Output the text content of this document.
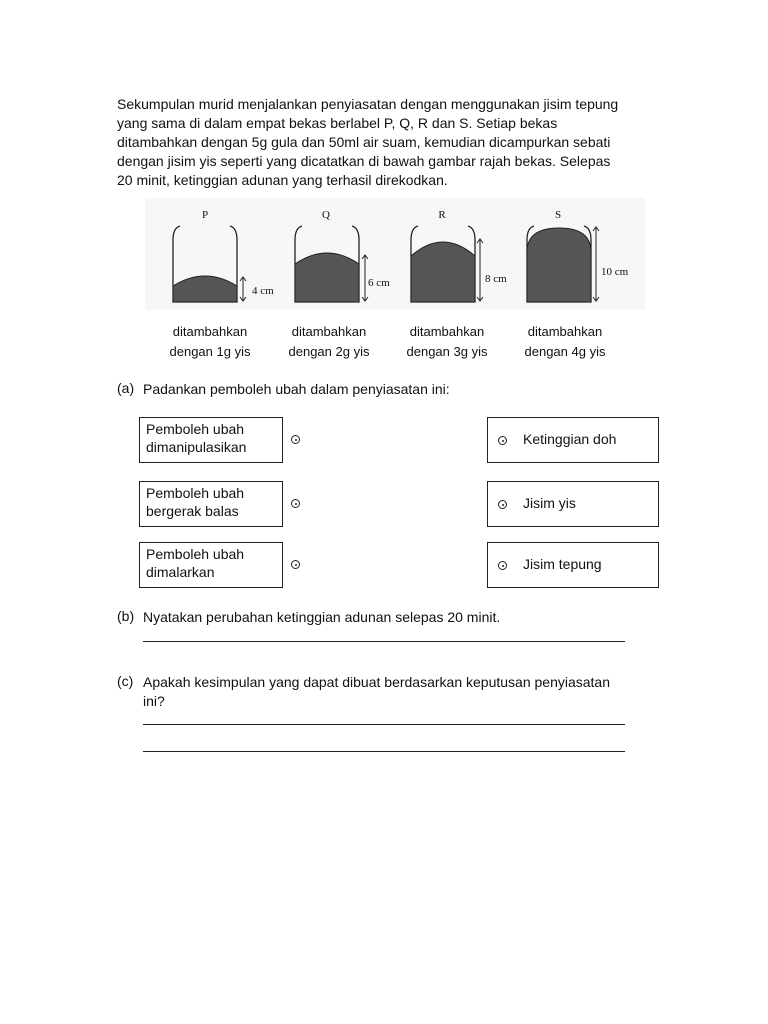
Sekumpulan murid menjalankan penyiasatan dengan menggunakan jisim tepung
yang sama di dalam empat bekas berlabel P, Q, R dan S. Setiap bekas
ditambahkan dengan 5g gula dan 50ml air suam, kemudian dicampurkan sebati
dengan jisim yis seperti yang dicatatkan di bawah gambar rajah bekas. Selepas
20 minit, ketinggian adunan yang terhasil direkodkan.

P
4 cm
Q
6 cm
R
8 cm
S
10 cm
ditambahkan
dengan 1g yis
ditambahkan
dengan 2g yis
ditambahkan
dengan 3g yis
ditambahkan
dengan 4g yis
(a) Padankan pemboleh ubah dalam penyiasatan ini:
Pemboleh ubah
dimanipulasikan
Pemboleh ubah
bergerak balas
Pemboleh ubah
dimalarkan
Ketinggian doh
Jisim yis
Jisim tepung
(b) Nyatakan perubahan ketinggian adunan selepas 20 minit.
(c) Apakah kesimpulan yang dapat dibuat berdasarkan keputusan penyiasatan
ini?
